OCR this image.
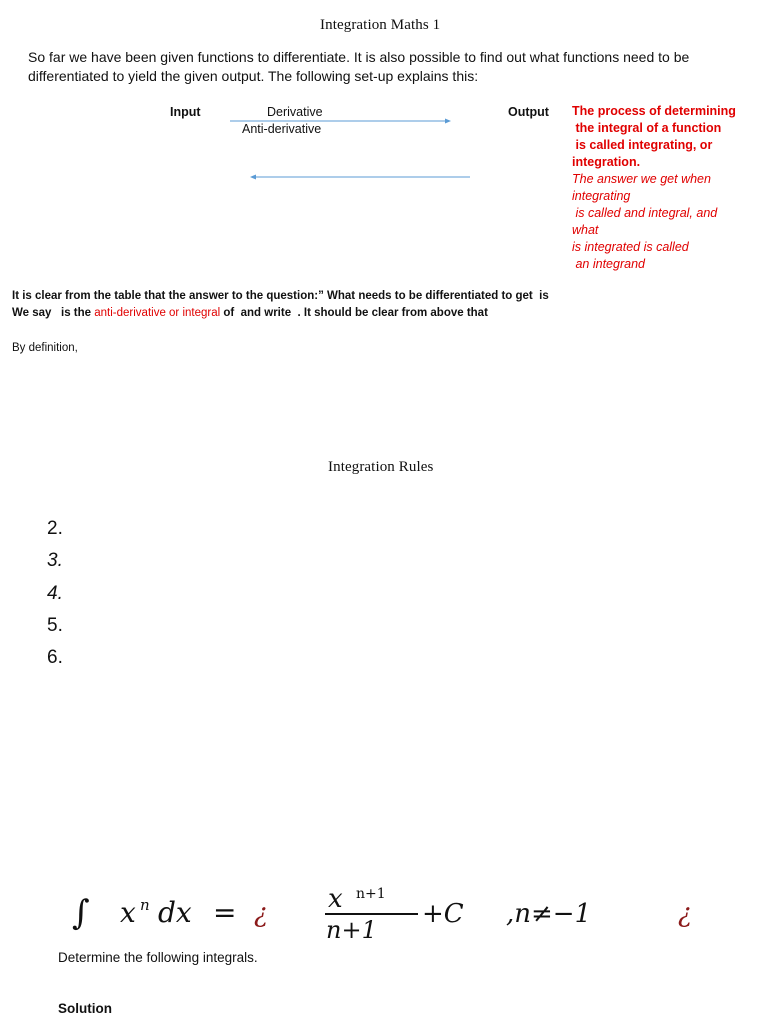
Integration Maths 1
So far we have been given functions to differentiate. It is also possible to find out what functions need to be differentiated to yield the given output. The following set-up explains this:
Input	Derivative
Anti-derivative
Output The process of determining
the integral of a function
is called integrating, or
integration.
The answer we get when
integrating
is called and integral, and
what
is integrated is called
an integrand
It is clear from the table that the answer to the question:” What needs to be differentiated to get  is
We say   is the anti-derivative or integral of  and write  . It should be clear from above that
By definition,
Integration Rules
2.
3.
4.
5.
6.
∫ x n dx = ¿ x n+1
n+1
+C ,n≠−1	¿
Determine the following integrals.
Solution
